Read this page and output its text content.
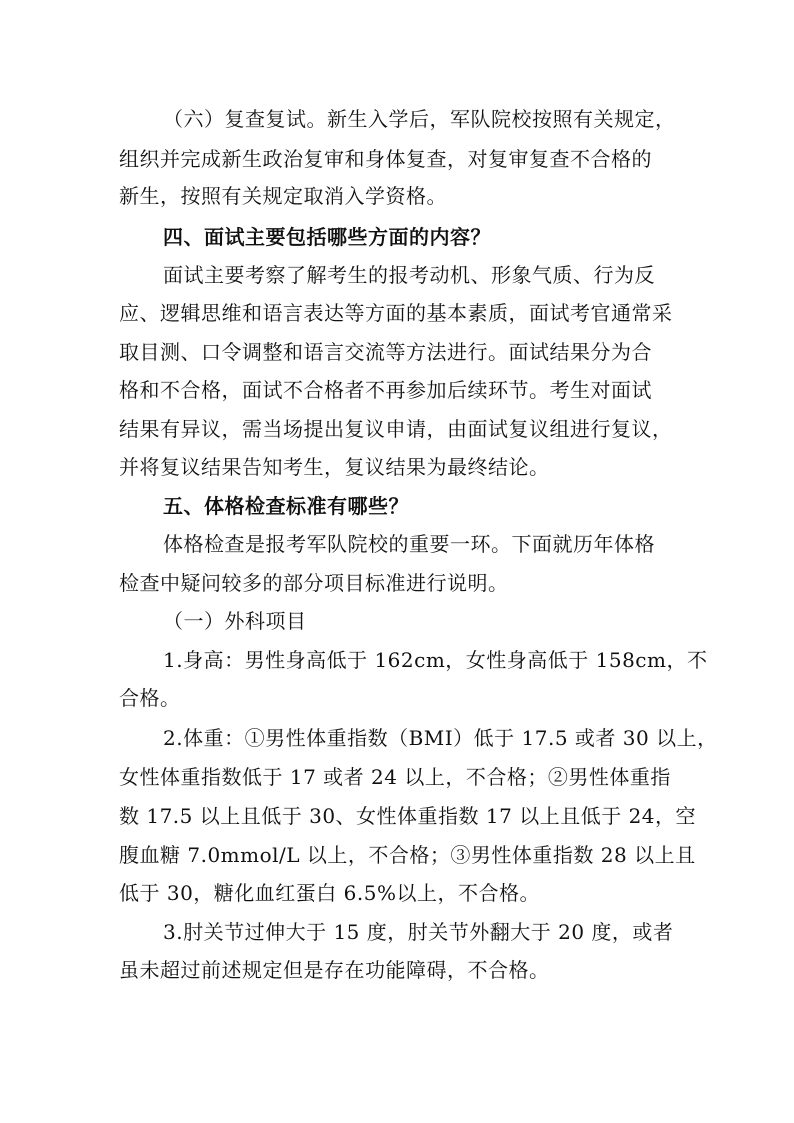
（六）复查复试。新生入学后，军队院校按照有关规定，
组织并完成新生政治复审和身体复查，对复审复查不合格的
新生，按照有关规定取消入学资格。
四、面试主要包括哪些方面的内容？
面试主要考察了解考生的报考动机、形象气质、行为反
应、逻辑思维和语言表达等方面的基本素质，面试考官通常采
取目测、口令调整和语言交流等方法进行。面试结果分为合
格和不合格，面试不合格者不再参加后续环节。考生对面试
结果有异议，需当场提出复议申请，由面试复议组进行复议，
并将复议结果告知考生，复议结果为最终结论。
五、体格检查标准有哪些？
体格检查是报考军队院校的重要一环。下面就历年体格
检查中疑问较多的部分项目标准进行说明。
（一）外科项目
1.身高：男性身高低于 162cm，女性身高低于 158cm，不
合格。
2.体重：①男性体重指数（BMI）低于 17.5 或者 30 以上，
女性体重指数低于 17 或者 24 以上，不合格；②男性体重指
数 17.5 以上且低于 30、女性体重指数 17 以上且低于 24，空
腹血糖 7.0mmol/L 以上，不合格；③男性体重指数 28 以上且
低于 30，糖化血红蛋白 6.5%以上，不合格。
3.肘关节过伸大于 15 度，肘关节外翻大于 20 度，或者
虽未超过前述规定但是存在功能障碍，不合格。
